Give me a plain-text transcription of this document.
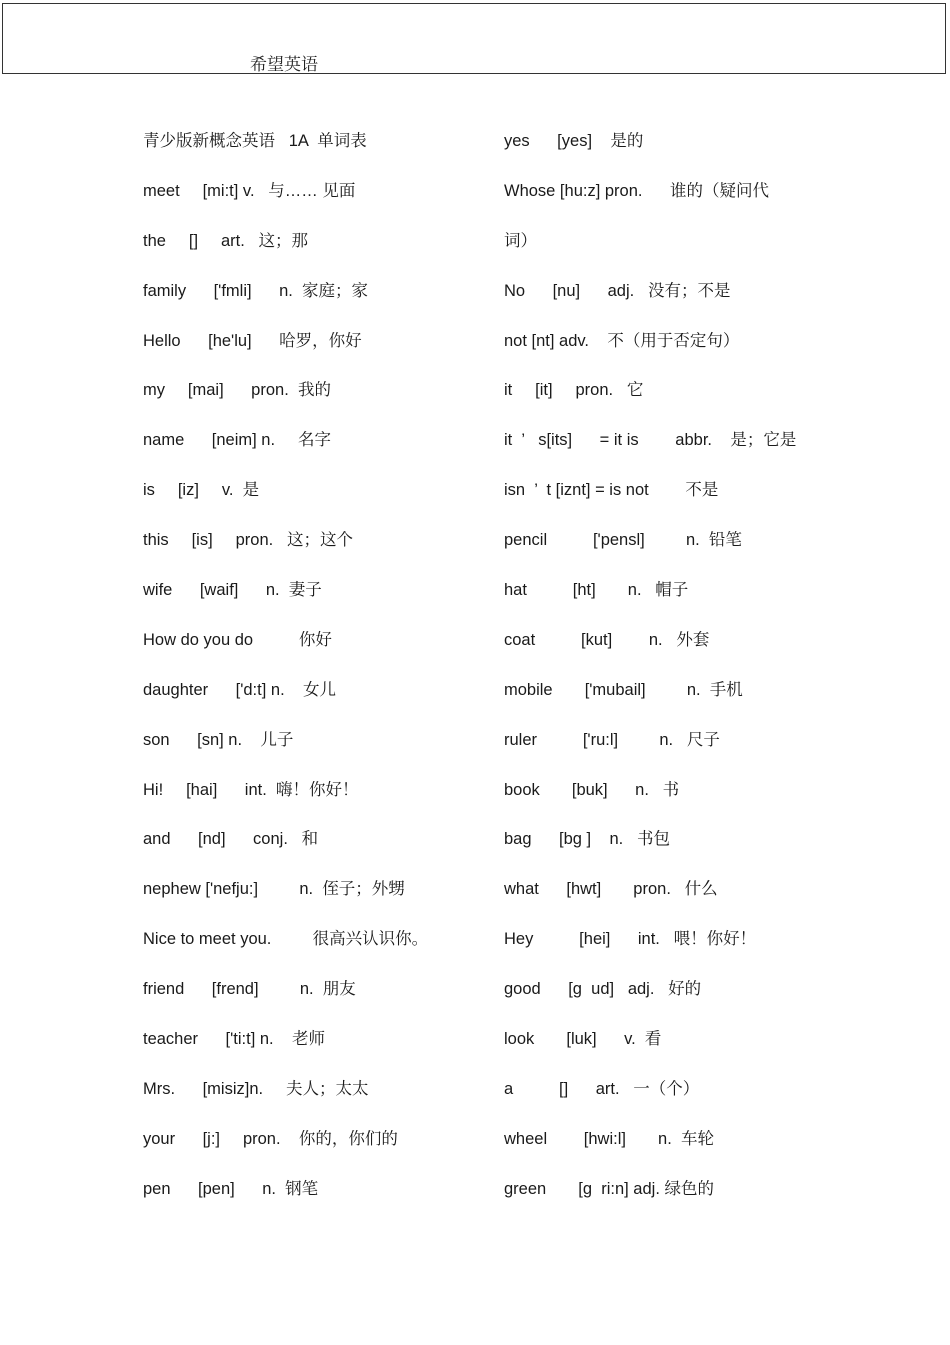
希望英语
青少版新概念英语   1A  单词表
meet     [mi:t] v.   与…… 见面
the     []     art.   这；那
family      ['fmli]      n.  家庭；家
Hello      [he'lu]      哈罗，你好
my     [mai]      pron.  我的
name      [neim] n.     名字
is     [iz]     v.  是
this     [is]     pron.   这；这个
wife      [waif]      n.  妻子
How do you do          你好
daughter      ['d:t] n.    女儿
son      [sn] n.    儿子
Hi!     [hai]      int.  嗨！你好！
and      [nd]      conj.   和
nephew ['nefju:]         n.  侄子；外甥
Nice to meet you.         很高兴认识你。
friend      [frend]         n.  朋友
teacher      ['ti:t] n.    老师
Mrs.      [misiz]n.     夫人；太太
your      [j:]     pron.    你的，你们的
pen      [pen]      n.  钢笔
yes      [yes]    是的
Whose [hu:z] pron.      谁的（疑问代
词）
No      [nu]      adj.   没有；不是
not [nt] adv.    不（用于否定句）
it     [it]     pron.   它
it  ’   s[its]      = it is        abbr.    是；它是
isn  ’  t [iznt] = is not        不是
pencil          ['pensl]         n.  铅笔
hat          [ht]       n.   帽子
coat          [kut]        n.   外套
mobile       ['mubail]         n.  手机
ruler          ['ru:l]         n.   尺子
book       [buk]      n.   书
bag      [bɡ ]    n.   书包
what      [hwt]       pron.   什么
Hey          [hei]      int.   喂！你好！
good      [ɡ  ud]   adj.   好的
look       [luk]      v.  看
a          []      art.   一（个）
wheel        [hwi:l]       n.  车轮
green       [ɡ  ri:n] adj. 绿色的
